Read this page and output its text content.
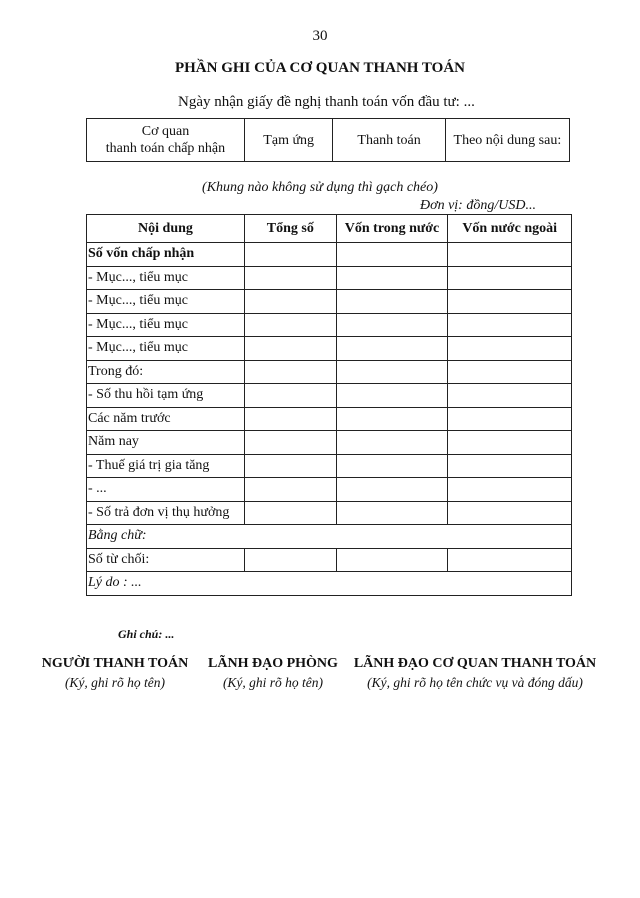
30
PHẦN GHI CỦA CƠ QUAN THANH TOÁN
Ngày nhận giấy đề nghị thanh toán vốn đầu tư: ...
Cơ quan
thanh toán chấp nhận
	Tạm ứng	Thanh toán	Theo nội dung sau:
(Khung nào không sử dụng thì gạch chéo)
Đơn vị: đồng/USD...
Nội dung	Tổng số	Vốn trong nước	Vốn nước ngoài
Số vốn chấp nhận			
- Mục..., tiểu mục			
- Mục..., tiểu mục			
- Mục..., tiểu mục			
- Mục..., tiểu mục			
Trong đó:			
- Số thu hồi tạm ứng			
Các năm trước			
Năm nay			
- Thuế giá trị gia tăng			
- ...			
- Số trả đơn vị thụ hưởng			
Bằng chữ:			
Số từ chối:			
Lý do : ...			
Ghi chú: ...
NGƯỜI THANH TOÁN
(Ký, ghi rõ họ tên)
LÃNH ĐẠO PHÒNG
(Ký, ghi rõ họ tên)
LÃNH ĐẠO CƠ QUAN THANH TOÁN
(Ký, ghi rõ họ tên chức vụ và đóng dấu)
